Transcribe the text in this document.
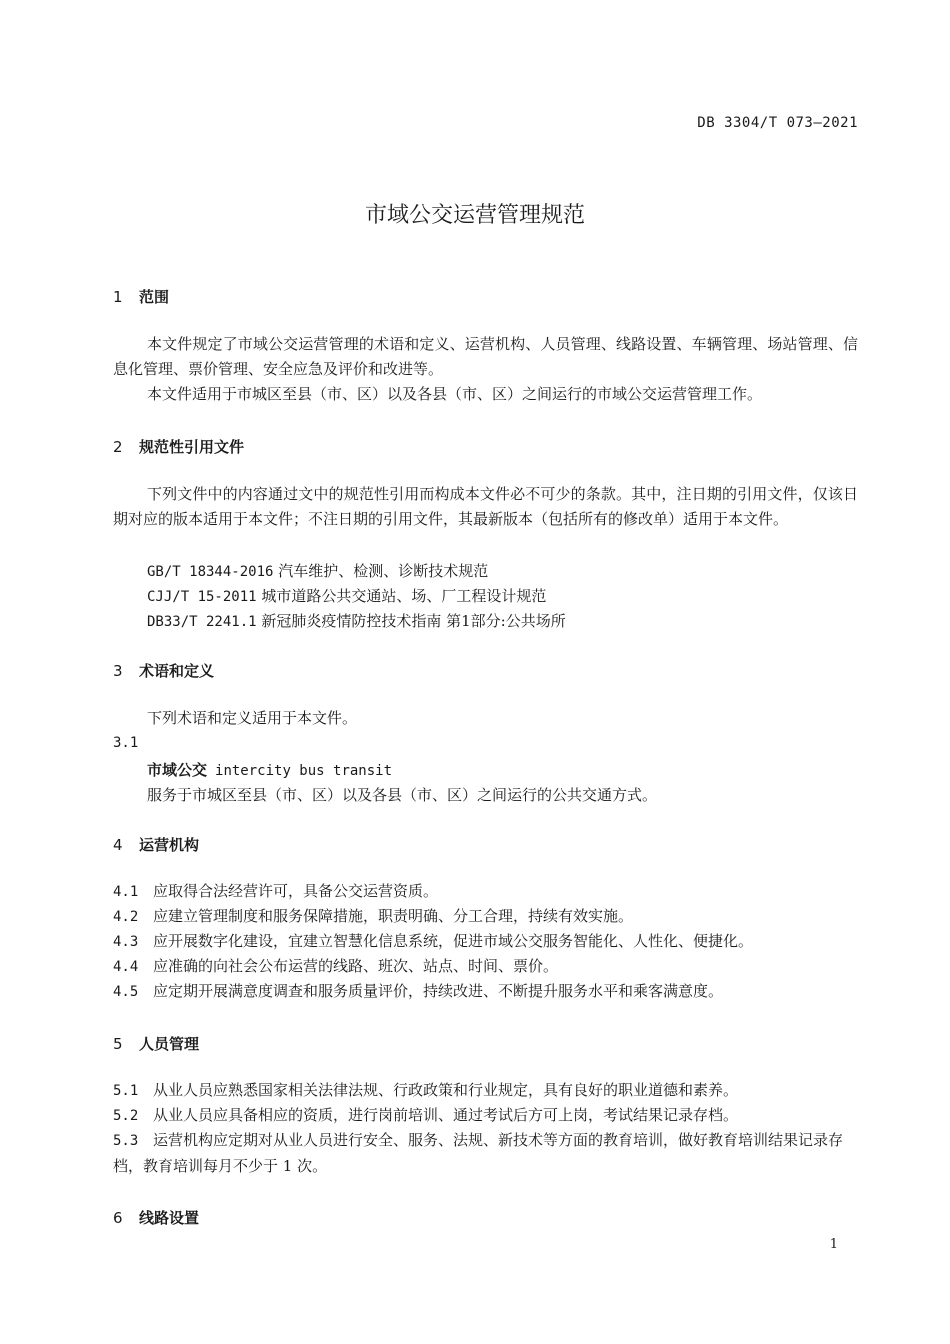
DB 3304/T 073—2021
市域公交运营管理规范
1 范围
本文件规定了市域公交运营管理的术语和定义、运营机构、人员管理、线路设置、车辆管理、场站管理、信息化管理、票价管理、安全应急及评价和改进等。
本文件适用于市城区至县（市、区）以及各县（市、区）之间运行的市域公交运营管理工作。
2 规范性引用文件
下列文件中的内容通过文中的规范性引用而构成本文件必不可少的条款。其中，注日期的引用文件，仅该日期对应的版本适用于本文件；不注日期的引用文件，其最新版本（包括所有的修改单）适用于本文件。
GB/T 18344-2016 汽车维护、检测、诊断技术规范
CJJ/T 15-2011 城市道路公共交通站、场、厂工程设计规范
DB33/T 2241.1 新冠肺炎疫情防控技术指南 第1部分:公共场所
3 术语和定义
下列术语和定义适用于本文件。
3.1
市域公交 intercity bus transit
服务于市城区至县（市、区）以及各县（市、区）之间运行的公共交通方式。
4 运营机构
4.1 应取得合法经营许可，具备公交运营资质。
4.2 应建立管理制度和服务保障措施，职责明确、分工合理，持续有效实施。
4.3 应开展数字化建设，宜建立智慧化信息系统，促进市域公交服务智能化、人性化、便捷化。
4.4 应准确的向社会公布运营的线路、班次、站点、时间、票价。
4.5 应定期开展满意度调查和服务质量评价，持续改进、不断提升服务水平和乘客满意度。
5 人员管理
5.1 从业人员应熟悉国家相关法律法规、行政政策和行业规定，具有良好的职业道德和素养。
5.2 从业人员应具备相应的资质，进行岗前培训、通过考试后方可上岗，考试结果记录存档。
5.3 运营机构应定期对从业人员进行安全、服务、法规、新技术等方面的教育培训，做好教育培训结果记录存档，教育培训每月不少于 1 次。
6 线路设置
1
